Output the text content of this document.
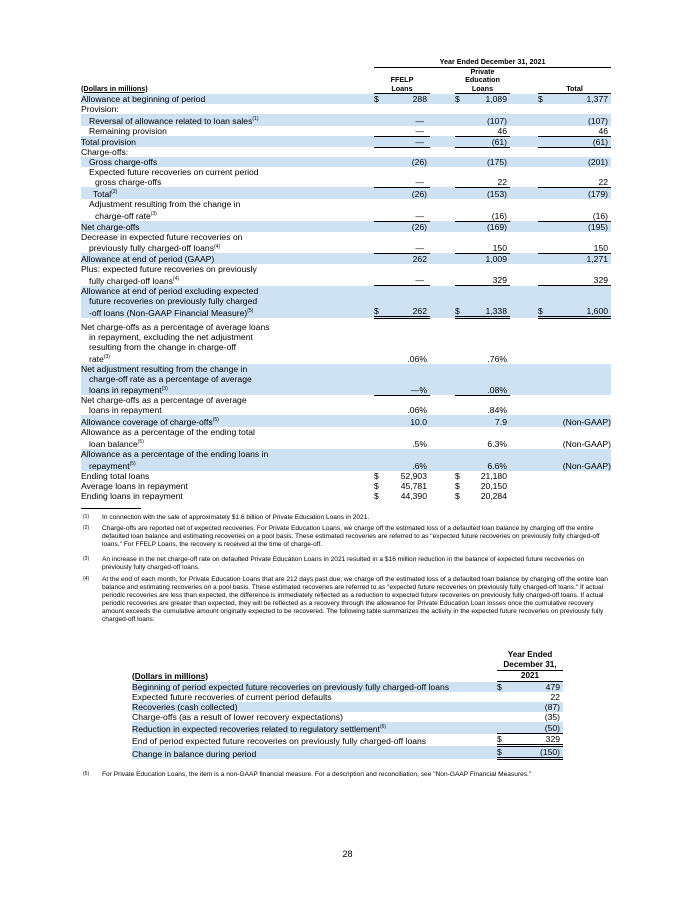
		Year Ended December 31, 2021							
(Dollars in millions)		FFELP
Loans			Private
Education
Loans			Total	
Allowance at beginning of period		$	288		$	1,089		$	1,377
Provision:									
Reversal of allowance related to loan sales$^{(1)}$			—			(107)			(107)
Remaining provision			—			46			46
Total provision			—			(61)			(61)
Charge-offs:									
Gross charge-offs			(26)			(175)			(201)
Expected future recoveries on current period
gross charge-offs			—			22			22
Total$^{(2)}$			(26)			(153)			(179)
Adjustment resulting from the change in
charge-off rate$^{(3)}$			—			(16)			(16)
Net charge-offs			(26)			(169)			(195)
Decrease in expected future recoveries on
previously fully charged-off loans$^{(4)}$			—			150			150
Allowance at end of period (GAAP)			262			1,009			1,271
Plus: expected future recoveries on previously
fully charged-off loans$^{(4)}$			—			329			329
Allowance at end of period excluding expected
future recoveries on previously fully charged
-off loans (Non-GAAP Financial Measure)$^{(5)}$		$	262		$	1,338		$	1,600
Net charge-offs as a percentage of average loans
in repayment, excluding the net adjustment
resulting from the change in charge-off
rate$^{(3)}$			.06%			.76%			
Net adjustment resulting from the change in
charge-off rate as a percentage of average
loans in repayment$^{(3)}$			—%			.08%			
Net charge-offs as a percentage of average
loans in repayment			.06%			.84%			
Allowance coverage of charge-offs$^{(5)}$			10.0			7.9		(Non-GAAP)	
Allowance as a percentage of the ending total
loan balance$^{(5)}$			.5%			6.3%		(Non-GAAP)	
Allowance as a percentage of the ending loans in
repayment$^{(5)}$			.6%			6.6%		(Non-GAAP)	
Ending total loans		$	52,903		$	21,180			
Average loans in repayment		$	45,781		$	20,150			
Ending loans in repayment		$	44,390		$	20,284			
(1) In connection with the sale of approximately $1.6 billion of Private Education Loans in 2021.
(2) Charge-offs are reported net of expected recoveries. For Private Education Loans, we charge off the estimated loss of a defaulted loan balance by charging off the entire defaulted loan balance and estimating recoveries on a pool basis. These estimated recoveries are referred to as "expected future recoveries on previously fully charged-off loans." For FFELP Loans, the recovery is received at the time of charge-off.
(3) An increase in the net charge-off rate on defaulted Private Education Loans in 2021 resulted in a $16 million reduction in the balance of expected future recoveries on previously fully charged-off loans.
(4) At the end of each month, for Private Education Loans that are 212 days past due, we charge off the estimated loss of a defaulted loan balance by charging off the entire loan balance and estimating recoveries on a pool basis. These estimated recoveries are referred to as "expected future recoveries on previously fully charged-off loans." If actual periodic recoveries are less than expected, the difference is immediately reflected as a reduction to expected future recoveries on previously fully charged-off loans. If actual periodic recoveries are greater than expected, they will be reflected as a recovery through the allowance for Private Education Loan losses once the cumulative recovery amount exceeds the cumulative amount originally expected to be recovered. The following table summarizes the activity in the expected future recoveries on previously fully charged-off loans:
	Year Ended	
	December 31,	
(Dollars in millions)	2021	
Beginning of period expected future recoveries on previously fully charged-off loans	$	479
Expected future recoveries of current period defaults		22
Recoveries (cash collected)		(87)
Charge-offs (as a result of lower recovery expectations)		(35)
Reduction in expected recoveries related to regulatory settlement$^{(6)}$		(50)
End of period expected future recoveries on previously fully charged-off loans	$	329
Change in balance during period	$	(150)
(5) For Private Education Loans, the item is a non-GAAP financial measure. For a description and reconciliation, see "Non-GAAP Financial Measures."
28
